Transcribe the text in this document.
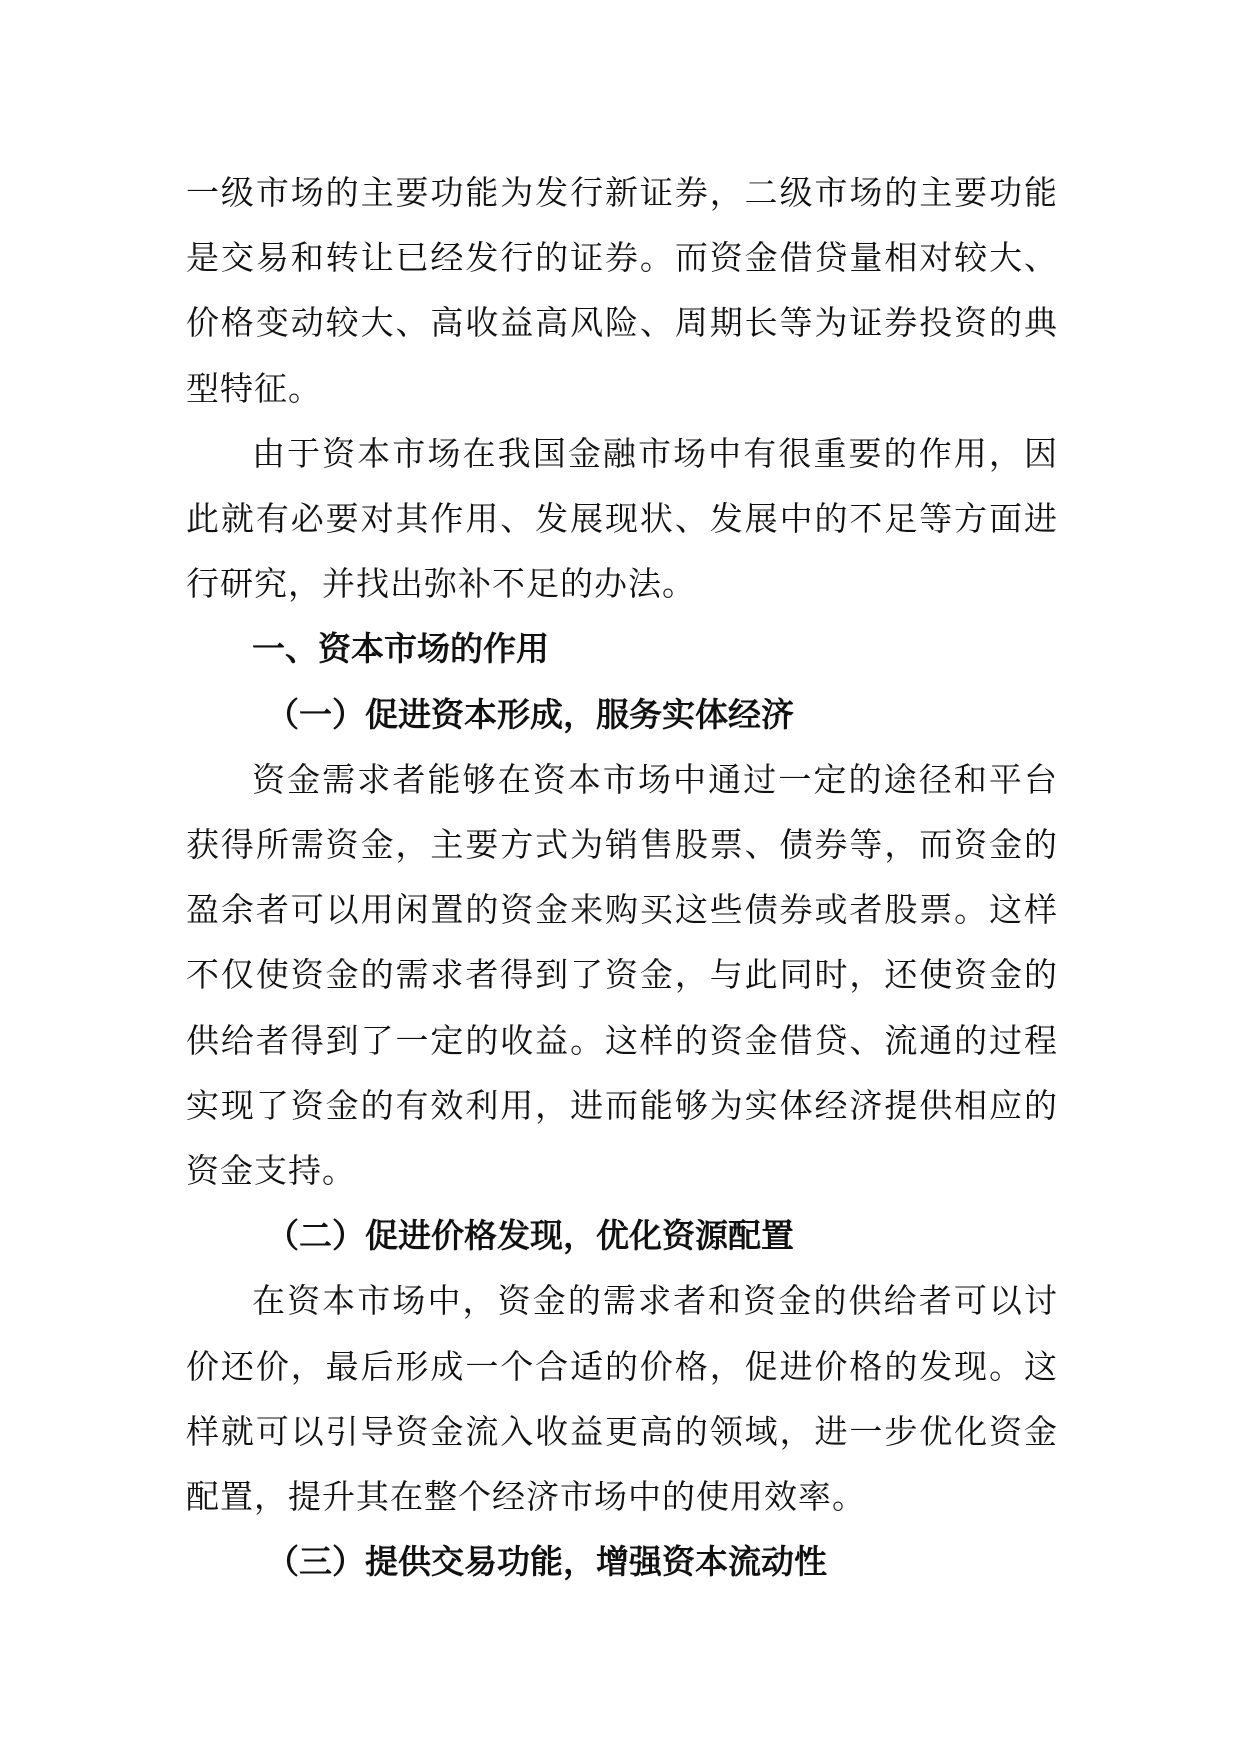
一级市场的主要功能为发行新证券，二级市场的主要功能是交易和转让已经发行的证券。而资金借贷量相对较大、价格变动较大、高收益高风险、周期长等为证券投资的典型特征。

由于资本市场在我国金融市场中有很重要的作用，因此就有必要对其作用、发展现状、发展中的不足等方面进行研究，并找出弥补不足的办法。

一、资本市场的作用
（一）促进资本形成，服务实体经济

资金需求者能够在资本市场中通过一定的途径和平台获得所需资金，主要方式为销售股票、债券等，而资金的盈余者可以用闲置的资金来购买这些债券或者股票。这样不仅使资金的需求者得到了资金，与此同时，还使资金的供给者得到了一定的收益。这样的资金借贷、流通的过程实现了资金的有效利用，进而能够为实体经济提供相应的资金支持。

（二）促进价格发现，优化资源配置

在资本市场中，资金的需求者和资金的供给者可以讨价还价，最后形成一个合适的价格，促进价格的发现。这样就可以引导资金流入收益更高的领域，进一步优化资金配置，提升其在整个经济市场中的使用效率。

（三）提供交易功能，增强资本流动性
